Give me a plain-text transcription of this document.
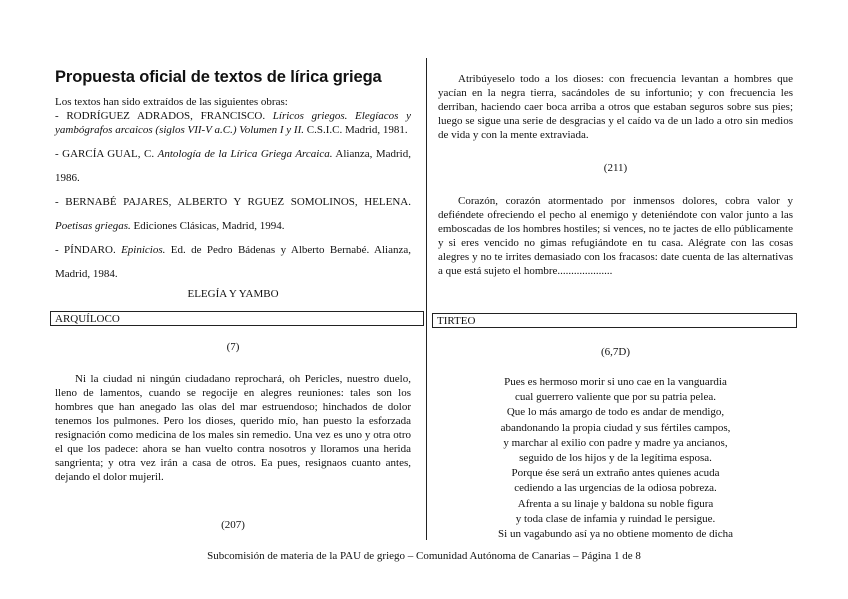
Propuesta oficial de textos de lírica griega

Los textos han sido extraídos de las siguientes obras:

- RODRÍGUEZ ADRADOS, FRANCISCO. Líricos griegos. Elegíacos y yambógrafos arcaicos (siglos VII-V a.C.) Volumen I y II. C.S.I.C. Madrid, 1981.

- GARCÍA GUAL, C. Antología de la Lírica Griega Arcaica. Alianza, Madrid, 1986.

- BERNABÉ PAJARES, ALBERTO Y RGUEZ SOMOLINOS, HELENA. Poetisas griegas. Ediciones Clásicas, Madrid, 1994.

- PÍNDARO. Epinicios. Ed. de Pedro Bádenas y Alberto Bernabé. Alianza, Madrid, 1984.

ELEGÍA Y YAMBO
ARQUÍLOCO	TIRTEO
(7)

Ni la ciudad ni ningún ciudadano reprochará, oh Pericles, nuestro duelo, lleno de lamentos, cuando se regocije en alegres reuniones: tales son los hombres que han anegado las olas del mar estruendoso; hinchados de dolor tenemos los pulmones. Pero los dioses, querido mío, han puesto la esforzada resignación como medicina de los males sin remedio. Una vez es uno y otra otro el que los padece: ahora se han vuelto contra nosotros y lloramos una herida sangrienta; y otra vez irán a casa de otros. Ea pues, resignaos cuanto antes, dejando el dolor mujeril.

(207)

Atribúyeselo todo a los dioses: con frecuencia levantan a hombres que yacían en la negra tierra, sacándoles de su infortunio; y con frecuencia les derriban, haciendo caer boca arriba a otros que estaban seguros sobre sus pies; luego se sigue una serie de desgracias y el caído va de un lado a otro sin medios de vida y con la mente extraviada.

(211)

Corazón, corazón atormentado por inmensos dolores, cobra valor y defiéndete ofreciendo el pecho al enemigo y deteniéndote con valor junto a las emboscadas de los hombres hostiles; si vences, no te jactes de ello públicamente y si eres vencido no gimas refugiándote en tu casa. Alégrate con las cosas alegres y no te irrites demasiado con los fracasos: date cuenta de las alternativas a que está sujeto el hombre....................

(6,7D)

Pues es hermoso morir si uno cae en la vanguardia

cual guerrero valiente que por su patria pelea.

Que lo más amargo de todo es andar de mendigo,

abandonando la propia ciudad y sus fértiles campos,

y marchar al exilio con padre y madre ya ancianos,

seguido de los hijos y de la legítima esposa.

Porque ése será un extraño antes quienes acuda

cediendo a las urgencias de la odiosa pobreza.

Afrenta a su linaje y baldona su noble figura

y toda clase de infamia y ruindad le persigue.

Si un vagabundo así ya no obtiene momento de dicha

Subcomisión de materia de la PAU de griego – Comunidad Autónoma de Canarias – Página 1 de 8
